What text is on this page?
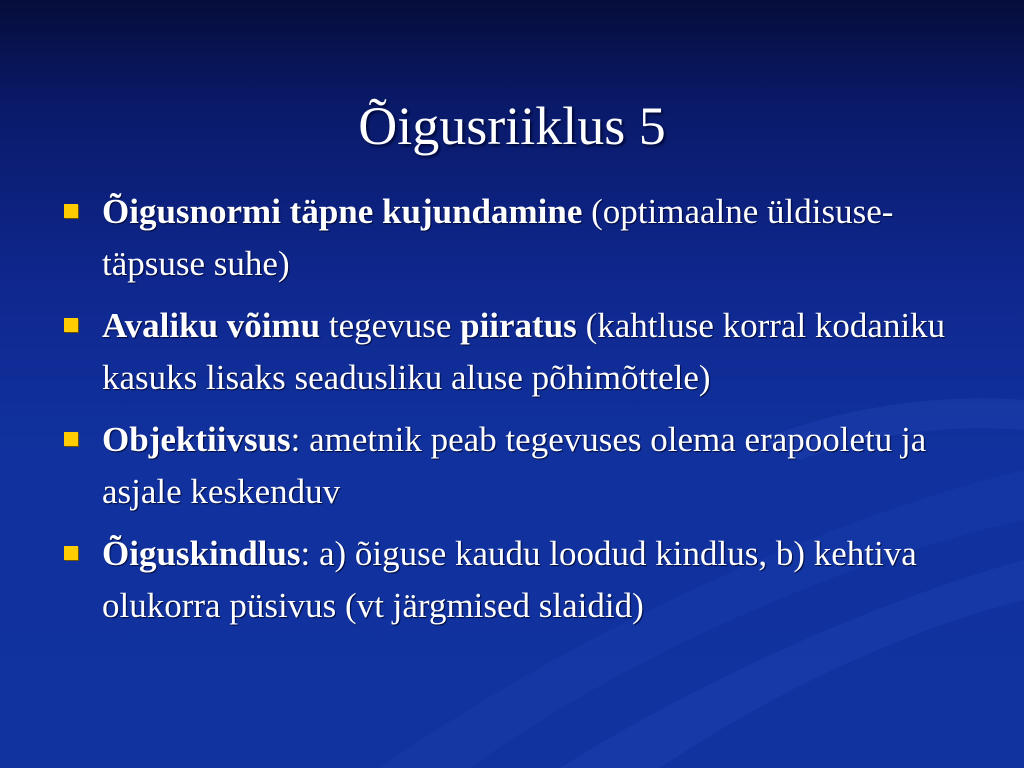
Õigusriiklus 5
Õigusnormi täpne kujundamine (optimaalne üldisuse-täpsuse suhe)
Avaliku võimu tegevuse piiratus (kahtluse korral kodaniku kasuks lisaks seadusliku aluse põhimõttele)
Objektiivsus: ametnik peab tegevuses olema erapooletu ja asjale keskenduv
Õiguskindlus: a) õiguse kaudu loodud kindlus, b) kehtiva olukorra püsivus (vt järgmised slaidid)
